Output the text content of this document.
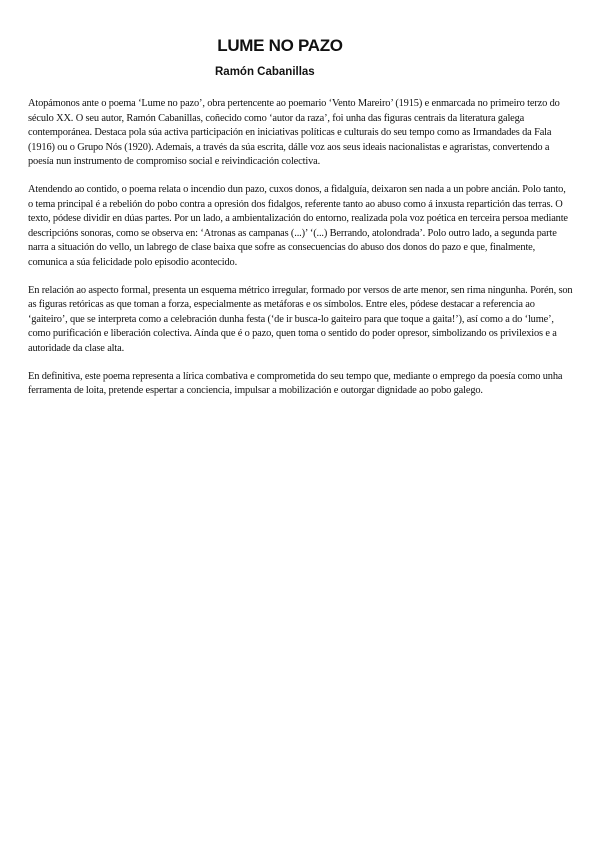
LUME NO PAZO
Ramón Cabanillas

Atopámonos ante o poema ‘Lume no pazo’, obra pertencente ao poemario ‘Vento Mareiro’ (1915) e enmarcada no primeiro terzo do século XX. O seu autor, Ramón Cabanillas, coñecido como ‘autor da raza’, foi unha das figuras centrais da literatura galega contemporánea. Destaca pola súa activa participación en iniciativas políticas e culturais do seu tempo como as Irmandades da Fala (1916) ou o Grupo Nós (1920). Ademais, a través da súa escrita, dálle voz aos seus ideais nacionalistas e agraristas, convertendo a poesía nun instrumento de compromiso social e reivindicación colectiva.

Atendendo ao contido, o poema relata o incendio dun pazo, cuxos donos, a fidalguía, deixaron sen nada a un pobre ancián. Polo tanto, o tema principal é a rebelión do pobo contra a opresión dos fidalgos, referente tanto ao abuso como á inxusta repartición das terras. O texto, pódese dividir en dúas partes. Por un lado, a ambientalización do entorno, realizada pola voz poética en terceira persoa mediante descripcións sonoras, como se observa en: ‘Atronas as campanas (...)’ ‘(...) Berrando, atolondrada’. Polo outro lado, a segunda parte narra a situación do vello, un labrego de clase baixa que sofre as consecuencias do abuso dos donos do pazo e que, finalmente, comunica a súa felicidade polo episodio acontecido.

En relación ao aspecto formal, presenta un esquema métrico irregular, formado por versos de arte menor, sen rima ningunha. Porén, son as figuras retóricas as que toman a forza, especialmente as metáforas e os símbolos. Entre eles, pódese destacar a referencia ao ‘gaiteiro’, que se interpreta como a celebración dunha festa (‘de ir busca-lo gaiteiro para que toque a gaita!’), así como a do ‘lume’, como purificación e liberación colectiva. Aínda que é o pazo, quen toma o sentido do poder opresor, simbolizando os privilexios e a autoridade da clase alta.

En definitiva, este poema representa a lírica combativa e comprometida do seu tempo que, mediante o emprego da poesía como unha ferramenta de loita, pretende espertar a conciencia, impulsar a mobilización e outorgar dignidade ao pobo galego.
